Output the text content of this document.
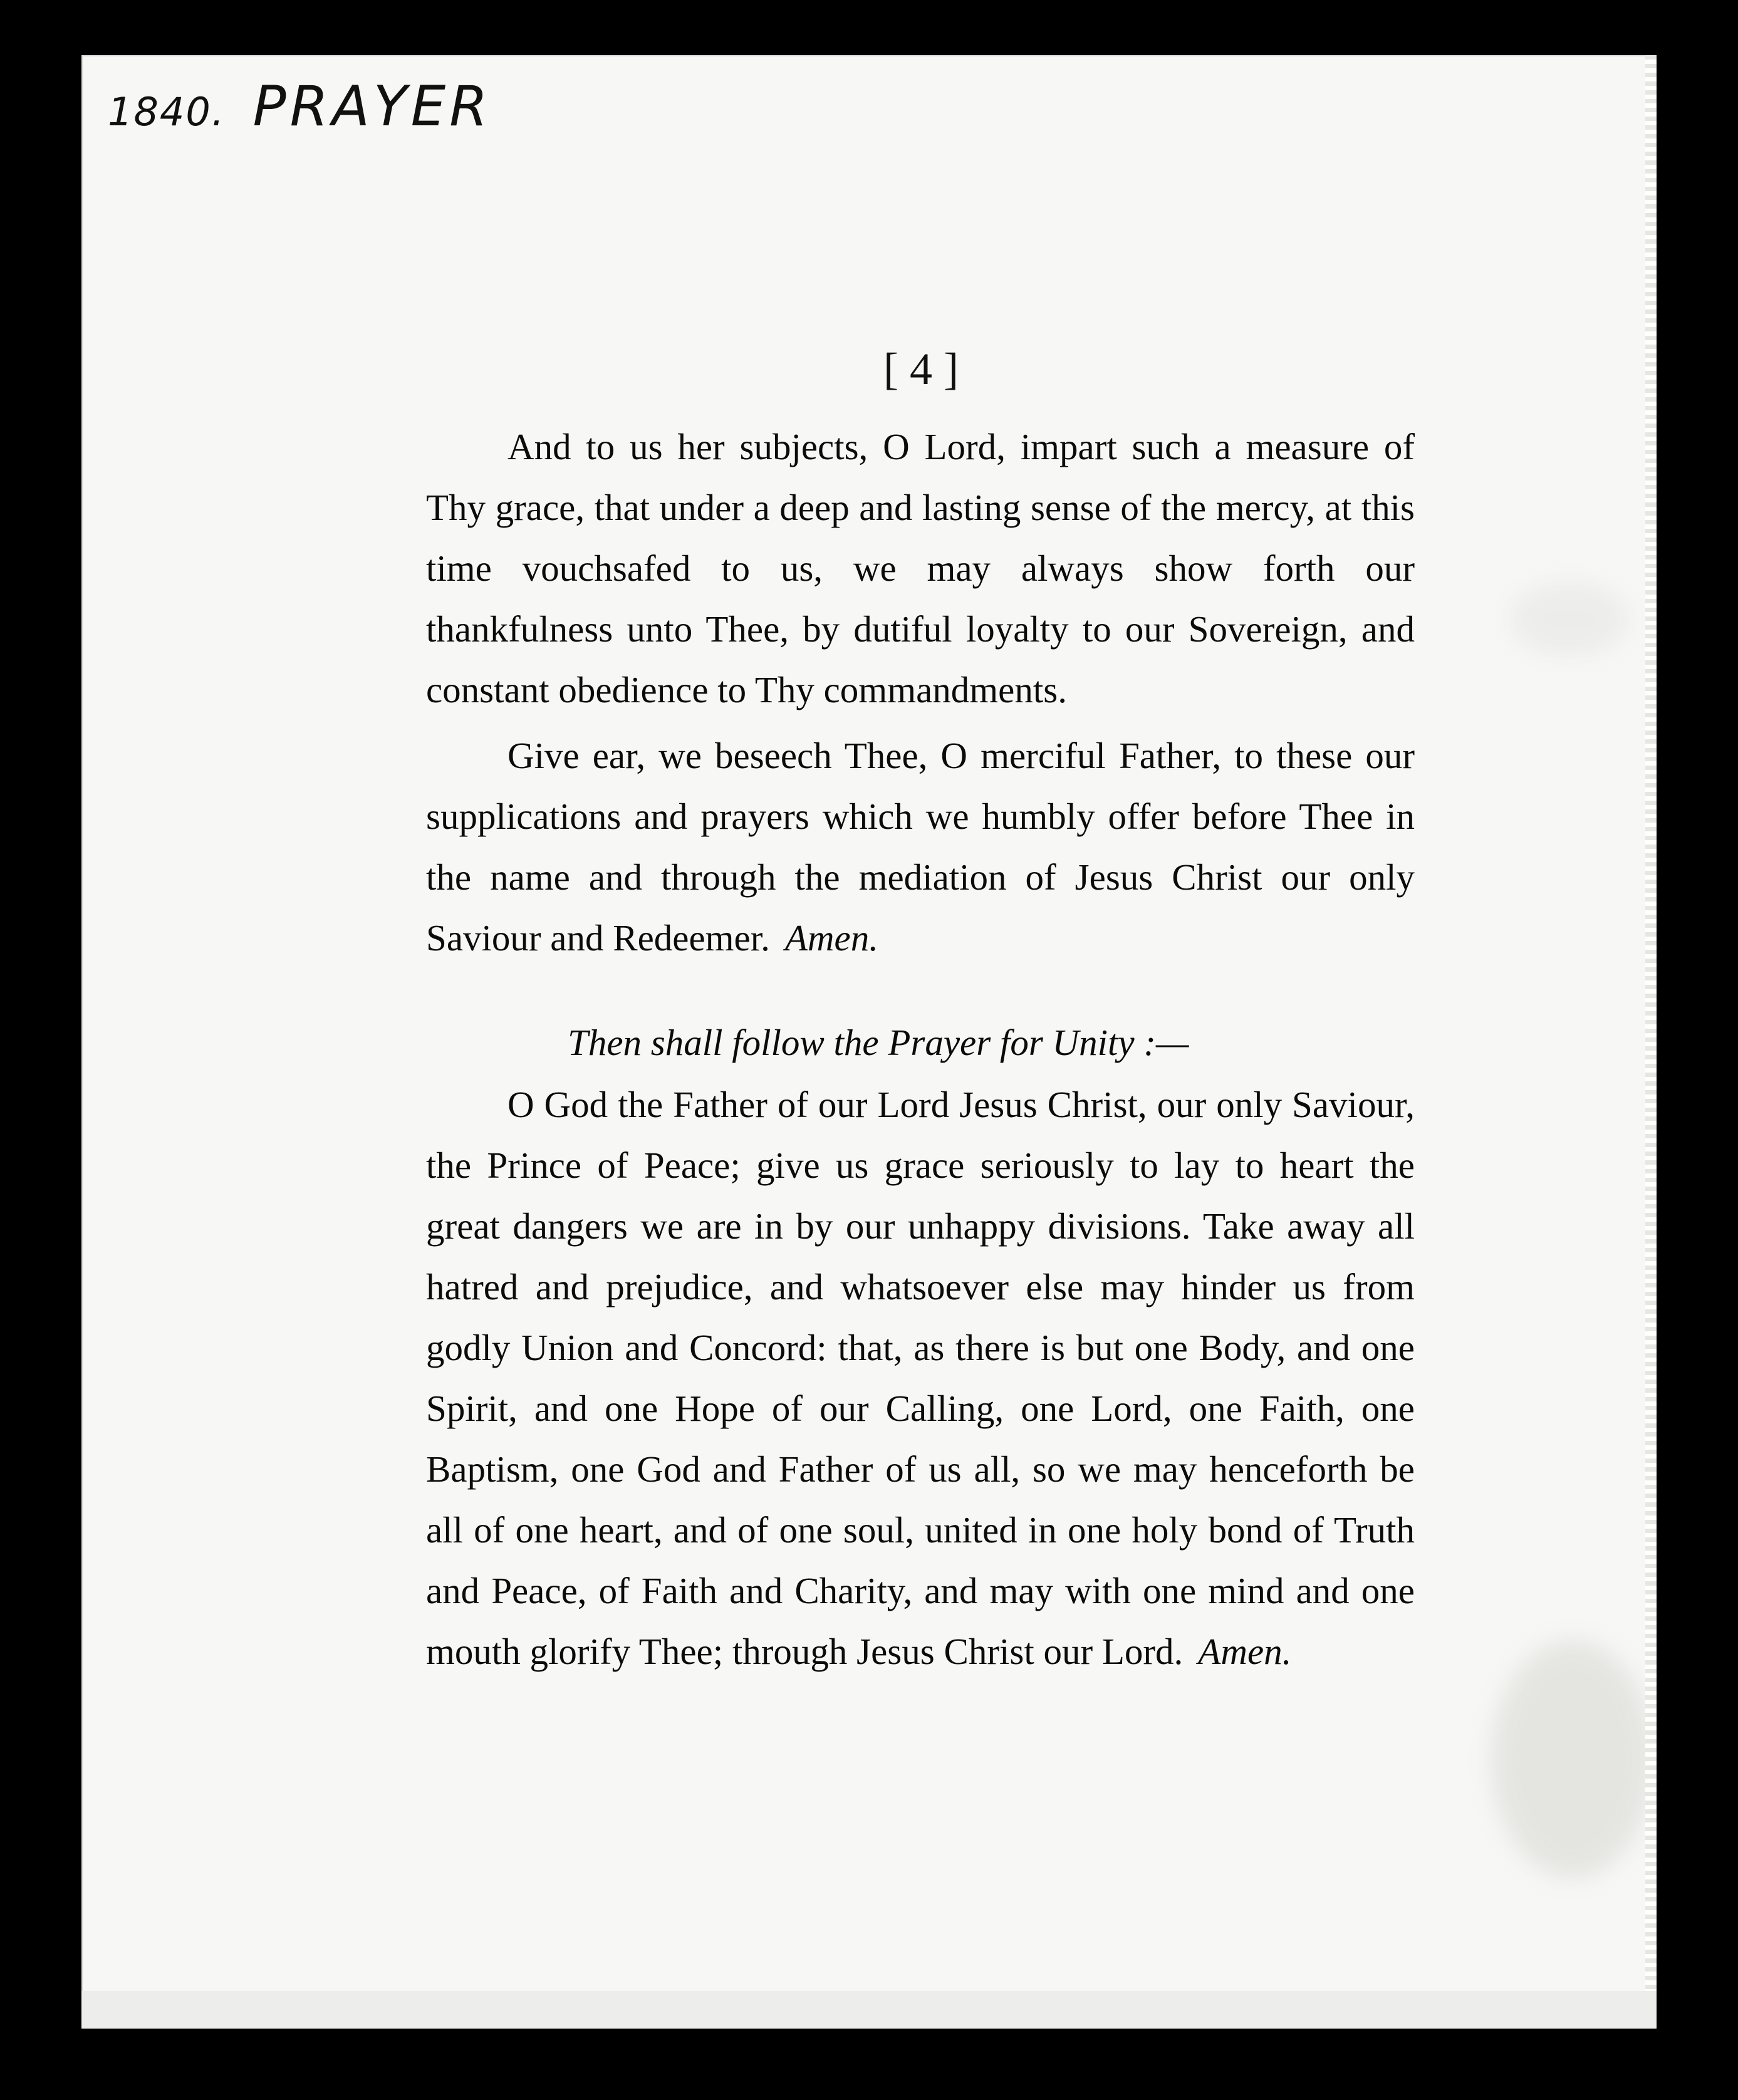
1840. PRAYER
[ 4 ]

And to us her subjects, O Lord, impart such a measure of Thy grace, that under a deep and lasting sense of the mercy, at this time vouchsafed to us, we may always show forth our thankfulness unto Thee, by dutiful loyalty to our Sovereign, and constant obedience to Thy commandments.

Give ear, we beseech Thee, O merciful Father, to these our supplications and prayers which we humbly offer before Thee in the name and through the mediation of Jesus Christ our only Saviour and Redeemer. Amen.

Then shall follow the Prayer for Unity :—

O God the Father of our Lord Jesus Christ, our only Saviour, the Prince of Peace; give us grace seriously to lay to heart the great dangers we are in by our unhappy divisions. Take away all hatred and prejudice, and whatsoever else may hinder us from godly Union and Concord: that, as there is but one Body, and one Spirit, and one Hope of our Calling, one Lord, one Faith, one Baptism, one God and Father of us all, so we may henceforth be all of one heart, and of one soul, united in one holy bond of Truth and Peace, of Faith and Charity, and may with one mind and one mouth glorify Thee; through Jesus Christ our Lord. Amen.
